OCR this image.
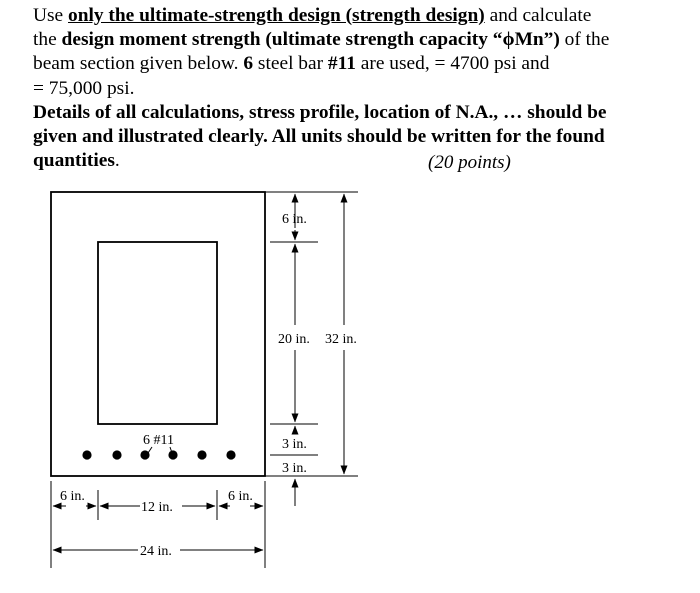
Use only the ultimate-strength design (strength design) and calculate
the design moment strength (ultimate strength capacity “ϕMn”) of the
beam section given below. 6 steel bar #11 are used, = 4700 psi and
= 75,000 psi.
Details of all calculations, stress profile, location of N.A., … should be
given and illustrated clearly. All units should be written for the found
quantities.	(20 points)
6 #11
6 in.
20 in.
3 in.
3 in.
32 in.
6 in.
12 in.
6 in.
24 in.
